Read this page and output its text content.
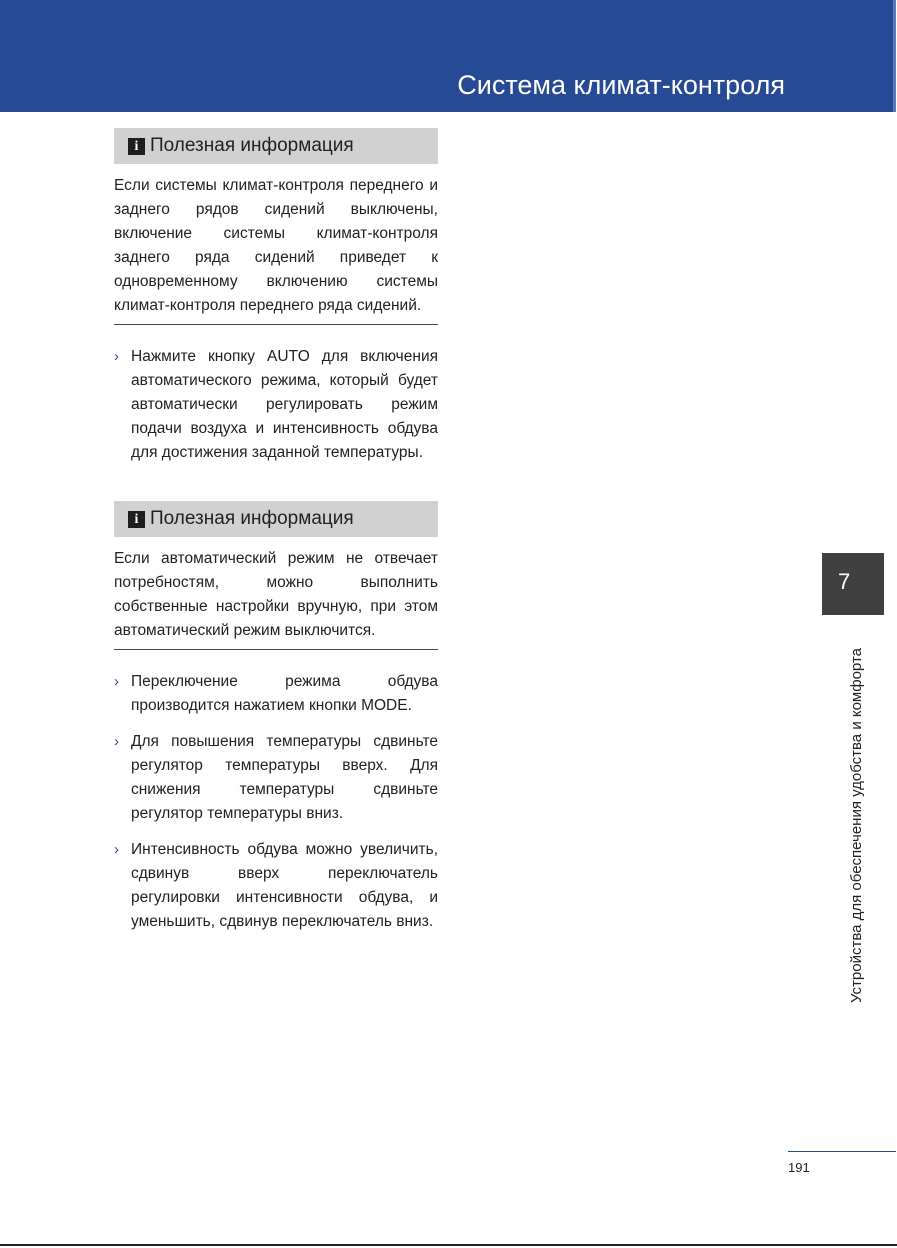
Система климат-контроля
i Полезная информация
Если системы климат-контроля переднего и заднего рядов сидений выключены, включение системы климат-контроля заднего ряда сидений приведет к одновременному включению системы климат-контроля переднего ряда сидений.
› Нажмите кнопку AUTO для включения автоматического режима, который будет автоматически регулировать режим подачи воздуха и интенсивность обдува для достижения заданной температуры.
i Полезная информация
Если автоматический режим не отвечает потребностям, можно выполнить собственные настройки вручную, при этом автоматический режим выключится.
› Переключение режима обдува производится нажатием кнопки MODE.
› Для повышения температуры сдвиньте регулятор температуры вверх. Для снижения температуры сдвиньте регулятор температуры вниз.
› Интенсивность обдува можно увеличить, сдвинув вверх переключатель регулировки интенсивности обдува, и уменьшить, сдвинув переключатель вниз.
7
Устройства для обеспечения удобства и комфорта
191
